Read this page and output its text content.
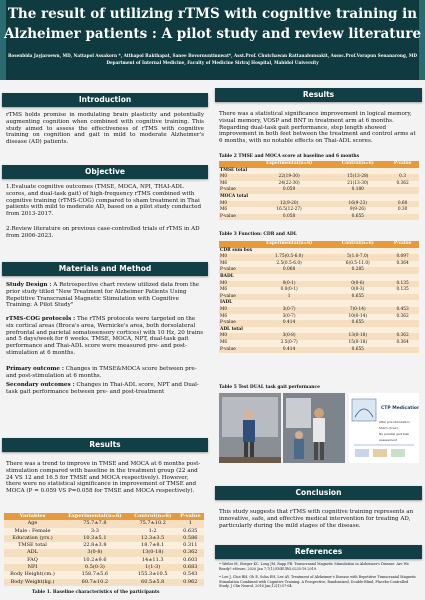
The result of utilizing rTMS with cognitive training in
Alzheimer patients : A pilot study and review literature
Rosenbida Jayjaroewn, MD, Nattapol Assakorn *, Atthapol Rakthapat, Sanee Bovornuntinnwat*, Asst.Prof. Chutchawan Rattanabunsakit, Assoc.Prof.Vorapun Senanarong, MD
Department of Internal Medicine, Faculty of Medicine Siriraj Hospital, Mahidol University
Introduction
rTMS holds promise in modulating brain plasticity and potentially augmenting cognition when combined with cognitive training. This study aimed to assess the effectiveness of rTMS with cognitive training on cognition and gait in mild to moderate Alzheimer's disease (AD) patients.
Objective
1.Evaluate cognitive outcomes (TMSE, MOCA, NPI, THAI-ADL scores, and dual-task gait) of high-frequency rTMS combined with cognitive training (rTMS-COG) compared to sham treatment in Thai patients with mild to moderate AD, based on a pilot study conducted from 2013-2017.
2.Review literature on previous case-controlled trials of rTMS in AD from 2006-2023.
Materials and Method
Study Design : A Retrospective chart review utilized data from the prior study titled "New Treatment for Alzheimer Patients Using Repetitive Transcranial Magnetic Stimulation with Cognitive Training: A Pilot Study"
rTMS-COG protocols : The rTMS protocols were targeted on the six cortical areas (Broca's area, Wernicke's area, both dorsolateral prefrontal and parietal somatosensory cortices) with 10 Hz, 20 trains and 5 days/week for 6 weeks. TMSE, MOCA, NPT, dual-task gait performance and Thai-ADL score were measured pre- and post-stimulation at 6 months.
Primary outcome : Changes in TMSE&MOCA score between pre- and post-stimulation at 6 months.
Secondary outcomes : Changes in Thai-ADL score, NPT and Dual-task gait performance between pre- and post-treatment
Results
There was a trend to improve in TMSE and MOCA at 6 months post-stimulation compared with baseline in the treatment group (22 and 24 VS 12 and 16.5 for TMSE and MOCA respectively). However, there were no statistical significance in improvement of TMSE and MOCA (P = 0.059 VS P=0.058 for TMSE and MOCA respectively).
Variables	Experimental(n=6)	Control(n=6)	P-value
Age	75.7±7.8	75.7±10.2	1
Male : Female	3:3	1:2	0.635
Education (yrs.)	10.3±5.1	12.3±3.5	0.586
TMSE total	22.8±3.8	18.7±8.1	0.311
ADL	3(0-8)	13(0-18)	0.362
FAQ	10.2±9.6	14±11.3	0.603
NPI	0.5(0-3)	1(1-3)	0.683
Body Height(cm.)	158.7±5.6	155.3±10.5	0.543
Body Weight(kg.)	60.7±10.2	60.5±5.8	0.962
Table 1. Baseline characteristics of the participants
Results
There was a statistical significance improvement in logical memory, visual memory, VOSP and BNT in treatment arm at 6 months. Regarding dual-task gait performance, step length showed improvement in both feet between the treatment and control arms at 6 months, with no notable effects on Thai-ADL scores.
Table 2 TMSE and MOCA score at baseline and 6 months
	Experimental(n=6)	Control(n=6)	P-value
TMSE total			
M0	22(19-30)	15(13-28)	0.3
M6	24(22-30)	21(13-30)	0.362
P-value	0.059	0.180	
MOCA total			
M0	12(9-20)	16(9-23)	0.60
M6	16.5(12-27)	9(9-26)	0.30
P-value	0.058	0.655	
Table 3 Function: CDR and ADL
	Experimental(n=6)	Control(n=6)	P-value
CDR sum box			
M0	1.75(0.5-6.0)	5(1.0-7.0)	0.097
M6	2.5(0.5-6.0)	6(0.5-11.0)	0.364
P-value	0.068	0.285	
BADL			
M0	0(0-1)	0(0-6)	0.135
M6	0.0(0-1)	0(0-3)	0.135
P-value	1	0.655	
IADL			
M0	3(0-7)	7(0-14)	0.453
M6	3(0-7)	10(0-14)	0.362
P-value	0.414	0.655	
ADL total			
M0	3(0-8)	13(0-18)	0.362
M6	3.5(0-7)	15(0-18)	0.364
P-value	0.414	0.655	
Table 5 Test DUAL task gait performance
CTP Medication
After pre-stimulation
Sham (4 wk)
No parallel gait task
Assessment
Conclusion
This study suggests that rTMS with cognitive training represents an innovative, safe, and effective medical intervention for treating AD, particularly during the mild stages of the disease.
References
• Weiler M, Stieger KC, Long JM, Rapp PR. Transcranial Magnetic Stimulation in Alzheimer's Disease: Are We Ready? eNeuro. 2020 Jan 7;7(1):ENEURO.0235-19.2019.
• Lee J, Choi BH, Oh E, Sohn EH, Lee AY. Treatment of Alzheimer's Disease with Repetitive Transcranial Magnetic Stimulation Combined with Cognitive Training: A Prospective, Randomized, Double-Blind, Placebo-Controlled Study. J Clin Neurol. 2016 Jan;12(1):57-64.
